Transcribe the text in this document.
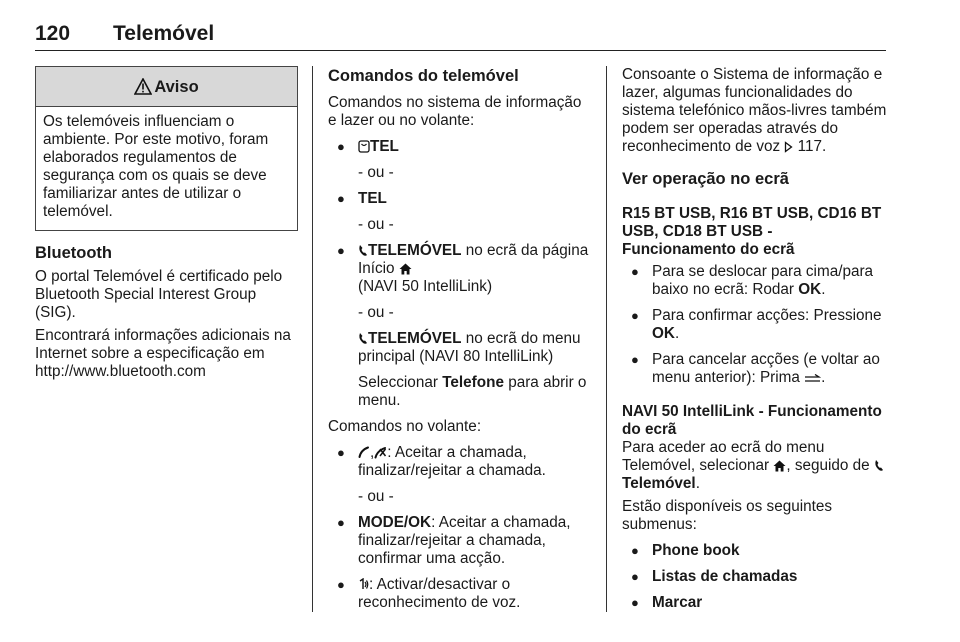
120 Telemóvel
Aviso
Os telemóveis influenciam o ambiente. Por este motivo, foram elaborados regulamentos de segurança com os quais se deve familiarizar antes de utilizar o telemóvel.
Bluetooth

O portal Telemóvel é certificado pelo Bluetooth Special Interest Group (SIG).

Encontrará informações adicionais na Internet sobre a especificação em http://www.bluetooth.com

Comandos do telemóvel

Comandos no sistema de informação e lazer ou no volante:

● TEL
- ou -
● TEL
- ou -
● TELEMÓVEL no ecrã da página Início
(NAVI 50 IntelliLink)
- ou -
TELEMÓVEL no ecrã do menu principal (NAVI 80 IntelliLink)
Seleccionar Telefone para abrir o menu.

Comandos no volante:

● , : Aceitar a chamada, finalizar/rejeitar a chamada.
- ou -
● MODE/OK: Aceitar a chamada, finalizar/rejeitar a chamada, confirmar uma acção.
● : Activar/desactivar o reconhecimento de voz.

Consoante o Sistema de informação e lazer, algumas funcionalidades do sistema telefónico mãos-livres também podem ser operadas através do reconhecimento de voz  117.

Ver operação no ecrã
R15 BT USB, R16 BT USB, CD16 BT USB, CD18 BT USB - Funcionamento do ecrã
● Para se deslocar para cima/para baixo no ecrã: Rodar OK.
● Para confirmar acções: Pressione OK.
● Para cancelar acções (e voltar ao menu anterior): Prima .
NAVI 50 IntelliLink - Funcionamento do ecrã

Para aceder ao ecrã do menu Telemóvel, selecionar , seguido de Telemóvel.

Estão disponíveis os seguintes submenus:

● Phone book
● Listas de chamadas
● Marcar
